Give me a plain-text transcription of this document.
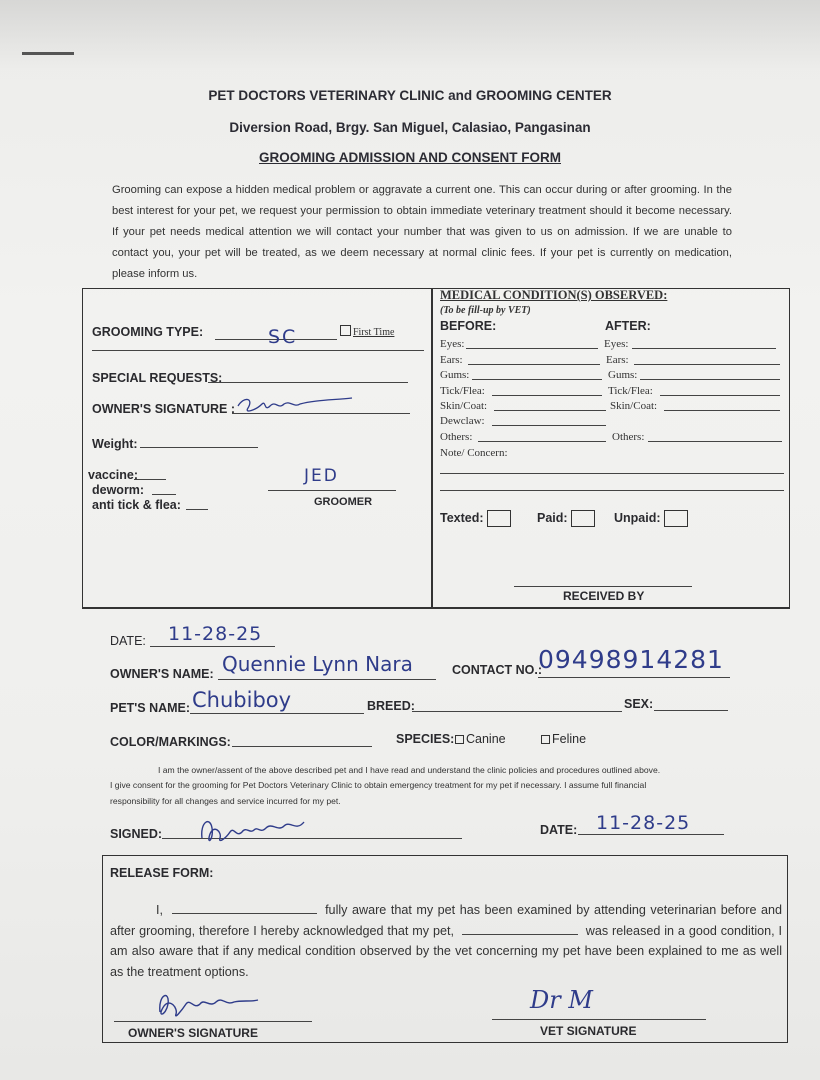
PET DOCTORS VETERINARY CLINIC and GROOMING CENTER
Diversion Road, Brgy. San Miguel, Calasiao, Pangasinan
GROOMING ADMISSION AND CONSENT FORM
Grooming can expose a hidden medical problem or aggravate a current one. This can occur during or after grooming. In the best interest for your pet, we request your permission to obtain immediate veterinary treatment should it become necessary. If your pet needs medical attention we will contact your number that was given to us on admission. If we are unable to contact you, your pet will be treated, as we deem necessary at normal clinic fees. If your pet is currently on medication, please inform us.
GROOMING TYPE:	SC	First Time
SPECIAL REQUESTS:
OWNER'S SIGNATURE :
Weight:
vaccine:
deworm:
anti tick & flea:
JED
GROOMER
MEDICAL CONDITION(S) OBSERVED:
(To be fill-up by VET)
BEFORE:	AFTER:
Eyes:	Eyes:
Ears:	Ears:
Gums:	Gums:
Tick/Flea:	Tick/Flea:
Skin/Coat:	Skin/Coat:
Dewclaw:
Others:	Others:
Note/ Concern:
Texted:	Paid:	Unpaid:
RECEIVED BY
DATE: 11-28-25
OWNER'S NAME: Quennie Lynn Nara	CONTACT NO.:
09498914281
PET'S NAME: Chubiboy	BREED:	SEX:
COLOR/MARKINGS:	SPECIES: Canine	Feline
I am the owner/assent of the above described pet and I have read and understand the clinic policies and procedures outlined above.
I give consent for the grooming for Pet Doctors Veterinary Clinic to obtain emergency treatment for my pet if necessary. I assume full financial
responsibility for all changes and service incurred for my pet.
SIGNED:	DATE: 11-28-25
RELEASE FORM:
I,	fully aware that my pet has been examined by attending veterinarian before and after grooming, therefore I hereby acknowledged that my pet,	was released in a good condition, I am also aware that if any medical condition observed by the vet concerning my pet have been explained to me as well as the treatment options.
OWNER'S SIGNATURE
Dr M
VET SIGNATURE
